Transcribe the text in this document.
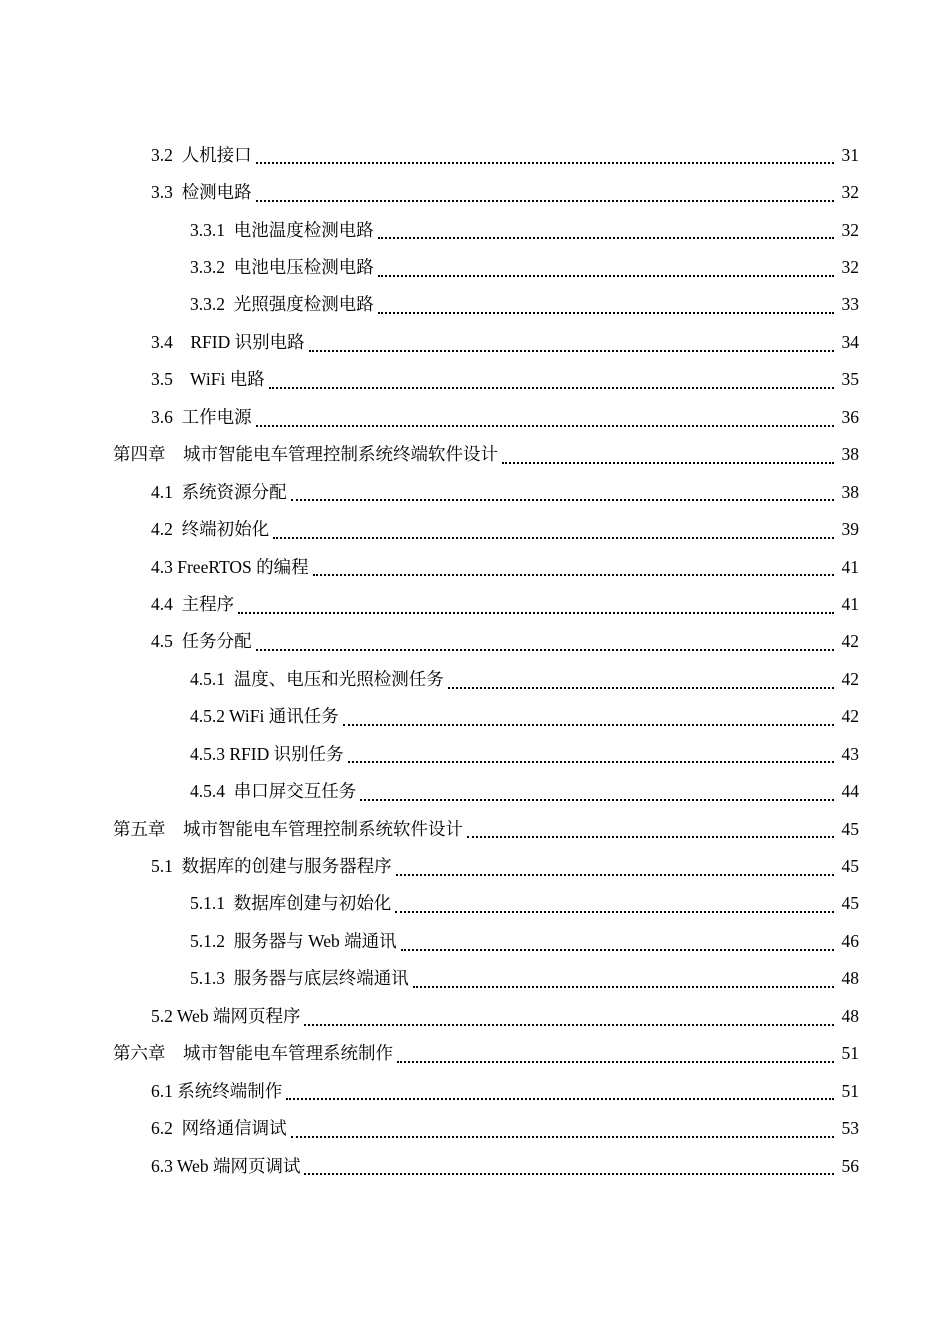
3.2  人机接口	31
3.3  检测电路	32
3.3.1  电池温度检测电路	32
3.3.2  电池电压检测电路	32
3.3.2  光照强度检测电路	33
3.4    RFID 识别电路	34
3.5    WiFi 电路	35
3.6  工作电源	36
第四章    城市智能电车管理控制系统终端软件设计	38
4.1  系统资源分配	38
4.2  终端初始化	39
4.3 FreeRTOS 的编程	41
4.4  主程序	41
4.5  任务分配	42
4.5.1  温度、电压和光照检测任务	42
4.5.2 WiFi 通讯任务	42
4.5.3 RFID 识别任务	43
4.5.4  串口屏交互任务	44
第五章    城市智能电车管理控制系统软件设计	45
5.1  数据库的创建与服务器程序	45
5.1.1  数据库创建与初始化	45
5.1.2  服务器与 Web 端通讯	46
5.1.3  服务器与底层终端通讯	48
5.2 Web 端网页程序	48
第六章    城市智能电车管理系统制作	51
6.1 系统终端制作	51
6.2  网络通信调试	53
6.3 Web 端网页调试	56
